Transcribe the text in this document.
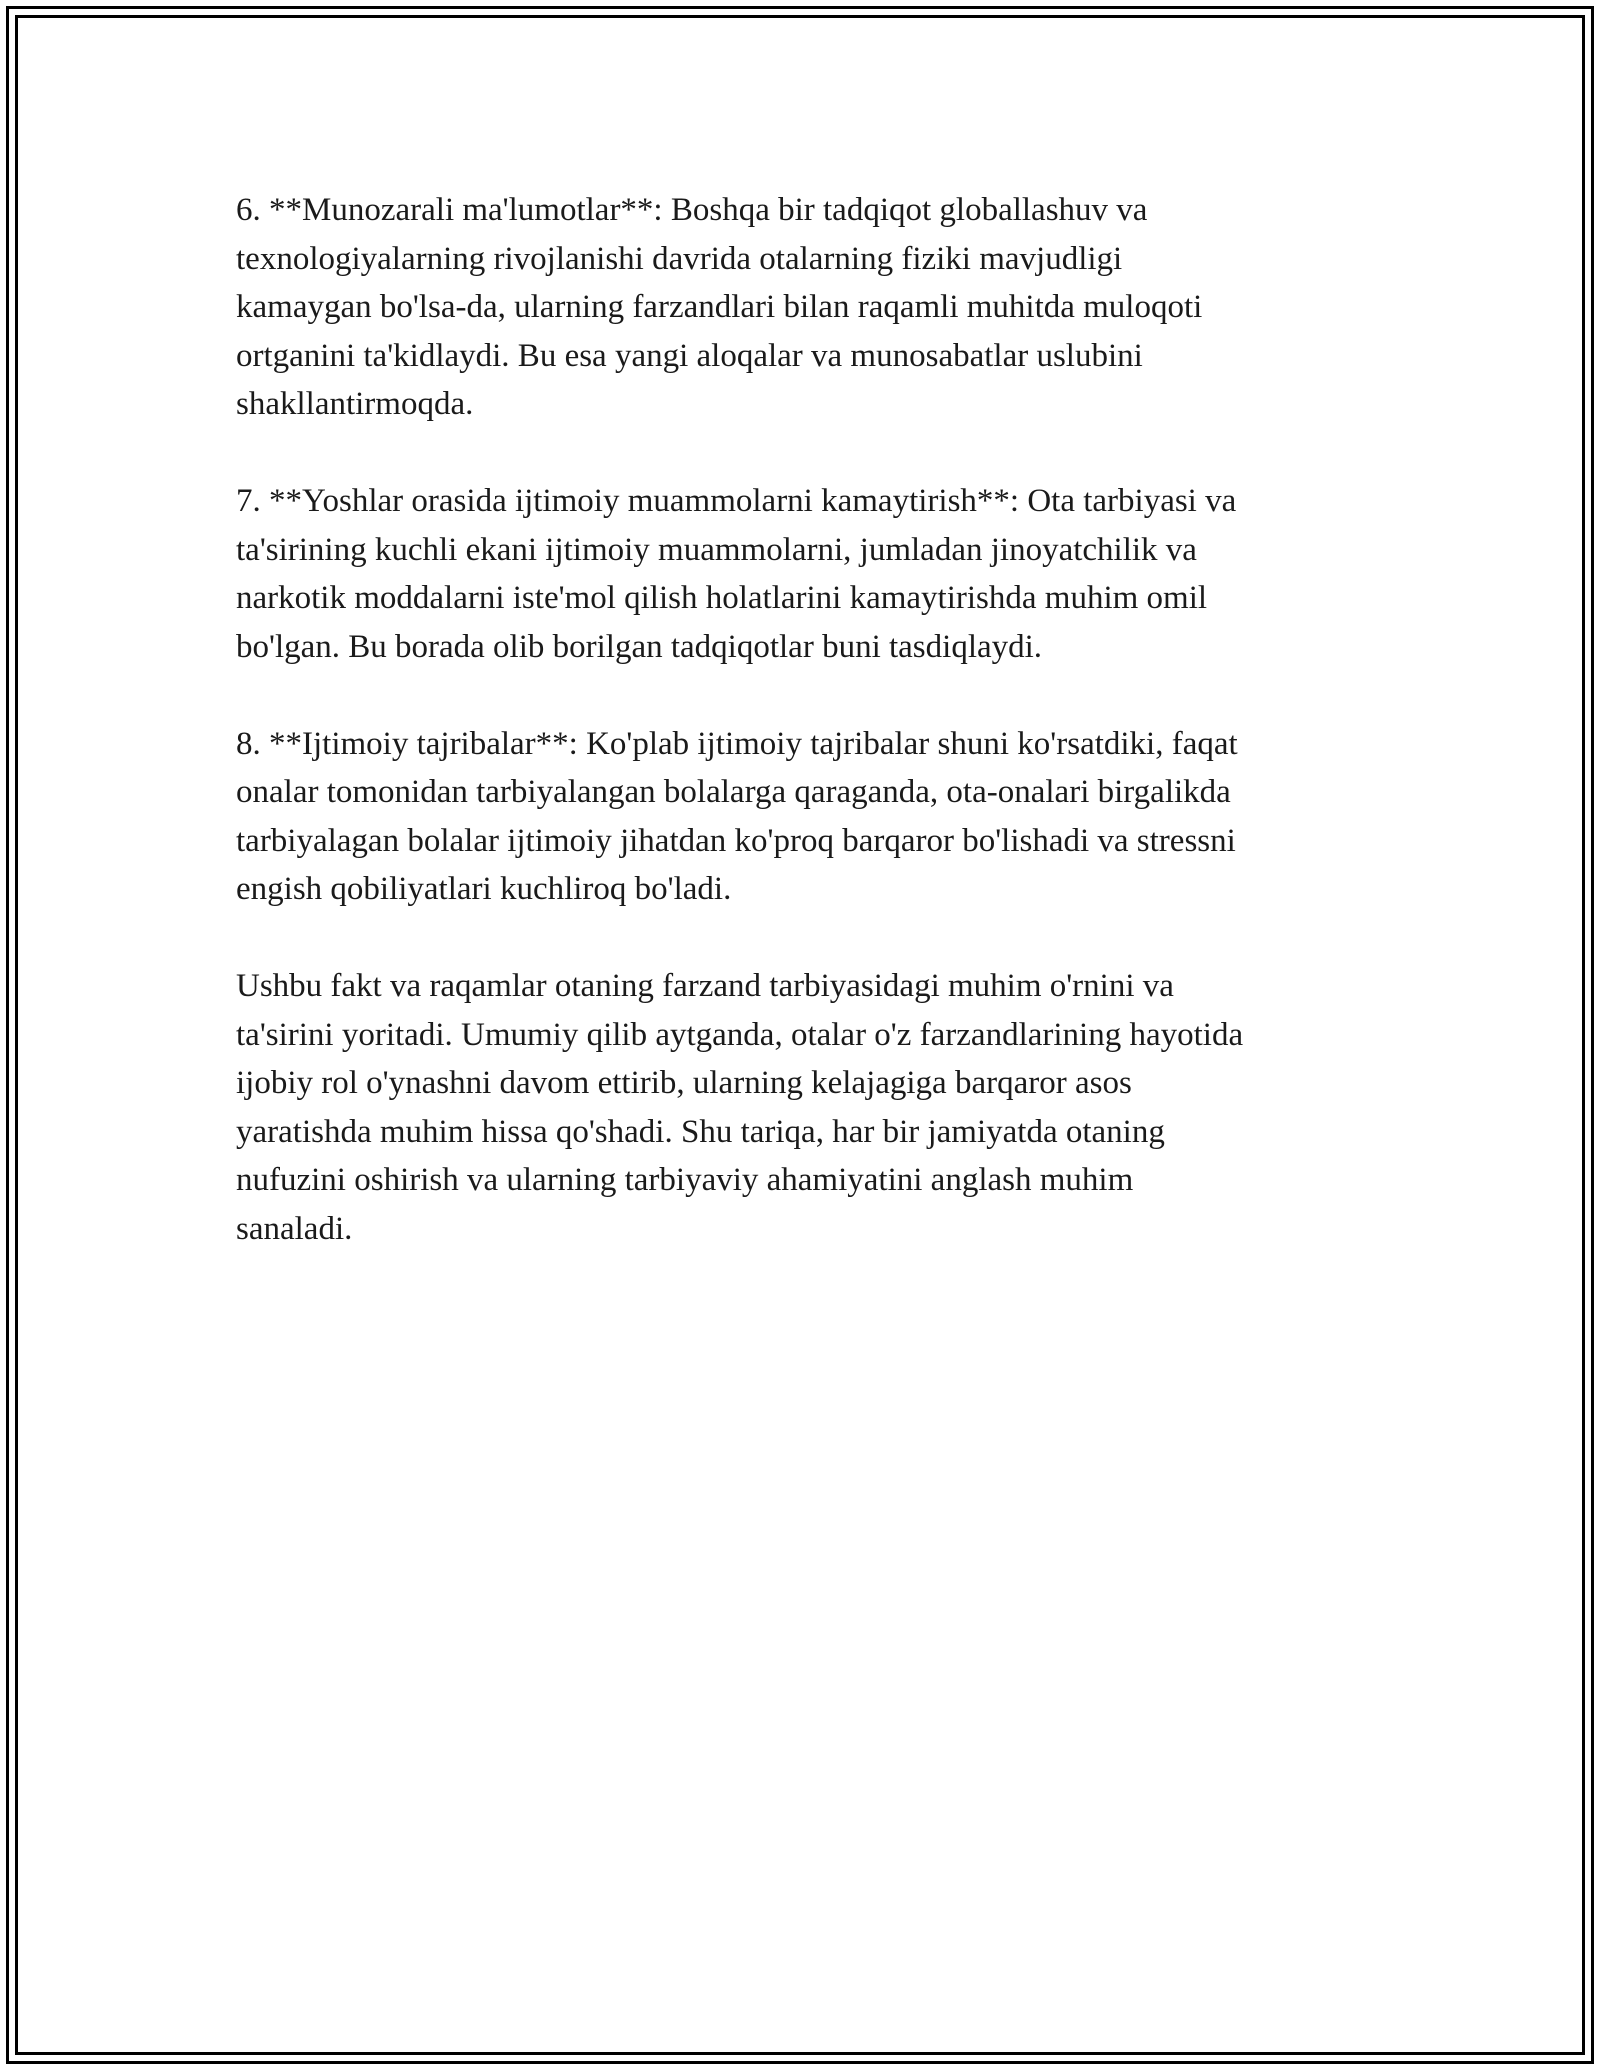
6. **Munozarali ma'lumotlar**: Boshqa bir tadqiqot globallashuv va
texnologiyalarning rivojlanishi davrida otalarning fiziki mavjudligi
kamaygan bo'lsa-da, ularning farzandlari bilan raqamli muhitda muloqoti
ortganini ta'kidlaydi. Bu esa yangi aloqalar va munosabatlar uslubini
shakllantirmoqda.

7. **Yoshlar orasida ijtimoiy muammolarni kamaytirish**: Ota tarbiyasi va
ta'sirining kuchli ekani ijtimoiy muammolarni, jumladan jinoyatchilik va
narkotik moddalarni iste'mol qilish holatlarini kamaytirishda muhim omil
bo'lgan. Bu borada olib borilgan tadqiqotlar buni tasdiqlaydi.

8. **Ijtimoiy tajribalar**: Ko'plab ijtimoiy tajribalar shuni ko'rsatdiki, faqat
onalar tomonidan tarbiyalangan bolalarga qaraganda, ota-onalari birgalikda
tarbiyalagan bolalar ijtimoiy jihatdan ko'proq barqaror bo'lishadi va stressni
engish qobiliyatlari kuchliroq bo'ladi.

Ushbu fakt va raqamlar otaning farzand tarbiyasidagi muhim o'rnini va
ta'sirini yoritadi. Umumiy qilib aytganda, otalar o'z farzandlarining hayotida
ijobiy rol o'ynashni davom ettirib, ularning kelajagiga barqaror asos
yaratishda muhim hissa qo'shadi. Shu tariqa, har bir jamiyatda otaning
nufuzini oshirish va ularning tarbiyaviy ahamiyatini anglash muhim
sanaladi.
